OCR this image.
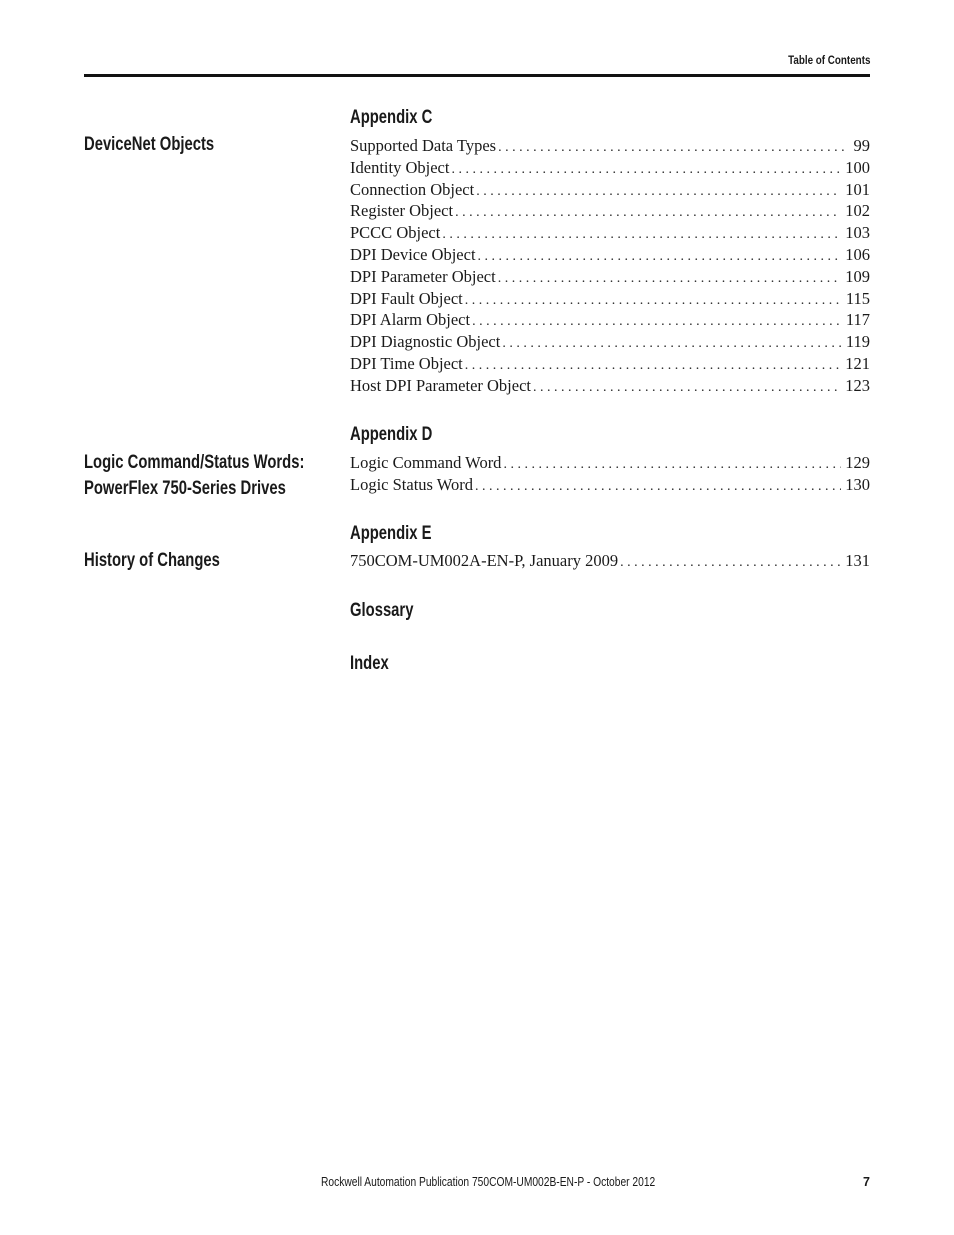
Table of Contents
Appendix C
DeviceNet Objects	Supported Data Types . . .	99
Identity Object . . .	100
Connection Object . . .	101
Register Object . . .	102
PCCC Object . . .	103
DPI Device Object . . .	106
DPI Parameter Object . . .	109
DPI Fault Object . . .	115
DPI Alarm Object . . .	117
DPI Diagnostic Object . . .	119
DPI Time Object . . .	121
Host DPI Parameter Object . . .	123
Appendix D
Logic Command/Status Words:
PowerFlex 750-Series Drives
Logic Command Word . . .	129
Logic Status Word . . .	130
Appendix E
History of Changes	750COM-UM002A-EN-P, January 2009 . . .	131
Glossary
Index
Rockwell Automation Publication 750COM-UM002B-EN-P - October 2012	7
